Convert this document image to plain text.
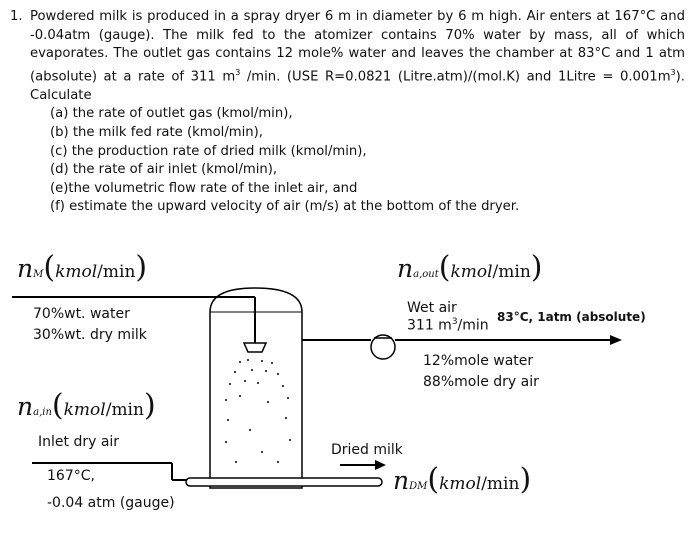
1. Powdered milk is produced in a spray dryer 6 m in diameter by 6 m high. Air enters at 167°C and -0.04atm (gauge). The milk fed to the atomizer contains 70% water by mass, all of which evaporates. The outlet gas contains 12 mole% water and leaves the chamber at 83°C and 1 atm (absolute) at a rate of 311 $m^3$ /min. (USE R=0.0821 (Litre.atm)/(mol.K) and 1Litre = $0.001m^3$). Calculate

(a) the rate of outlet gas (kmol/min),
(b) the milk fed rate (kmol/min),
(c) the production rate of dried milk (kmol/min),
(d) the rate of air inlet (kmol/min),
(e)the volumetric flow rate of the inlet air, and
(f) estimate the upward velocity of air (m/s) at the bottom of the dryer.
nM(kmol/min)	na,out(kmol/min)
na,in(kmol/min)
nDM(kmol/min)
70%wt. water
30%wt. dry milk
Wet air
311 $m^3/\min$
83°C, 1atm (absolute)
12%mole water
88%mole dry air
Inlet dry air
167°C,
-0.04 atm (gauge)
Dried milk
